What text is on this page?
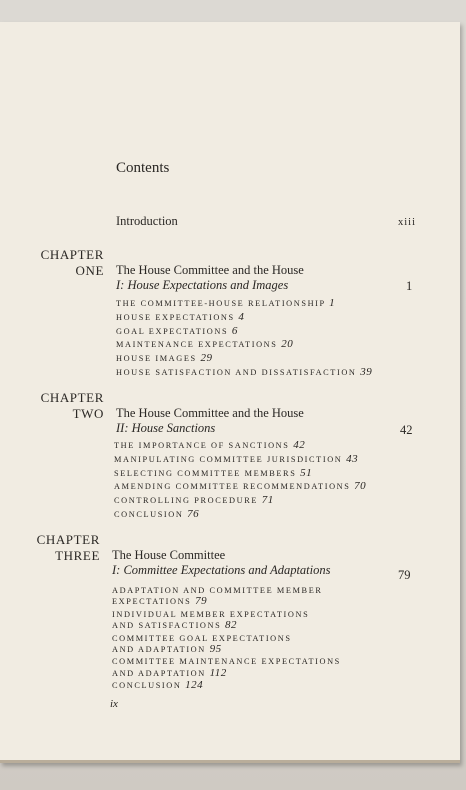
Contents
Introduction	xiii
CHAPTER
ONE The House Committee and the House
I: House Expectations and Images	1
THE COMMITTEE-HOUSE RELATIONSHIP 1
HOUSE EXPECTATIONS 4
GOAL EXPECTATIONS 6
MAINTENANCE EXPECTATIONS 20
HOUSE IMAGES 29
HOUSE SATISFACTION AND DISSATISFACTION 39
CHAPTER
TWO The House Committee and the House
II: House Sanctions	42
THE IMPORTANCE OF SANCTIONS 42
MANIPULATING COMMITTEE JURISDICTION 43
SELECTING COMMITTEE MEMBERS 51
AMENDING COMMITTEE RECOMMENDATIONS 70
CONTROLLING PROCEDURE 71
CONCLUSION 76
CHAPTER
THREE The House Committee
I: Committee Expectations and Adaptations	79
ADAPTATION AND COMMITTEE MEMBER
EXPECTATIONS 79
INDIVIDUAL MEMBER EXPECTATIONS
AND SATISFACTIONS 82
COMMITTEE GOAL EXPECTATIONS
AND ADAPTATION 95
COMMITTEE MAINTENANCE EXPECTATIONS
AND ADAPTATION 112
CONCLUSION 124
ix
